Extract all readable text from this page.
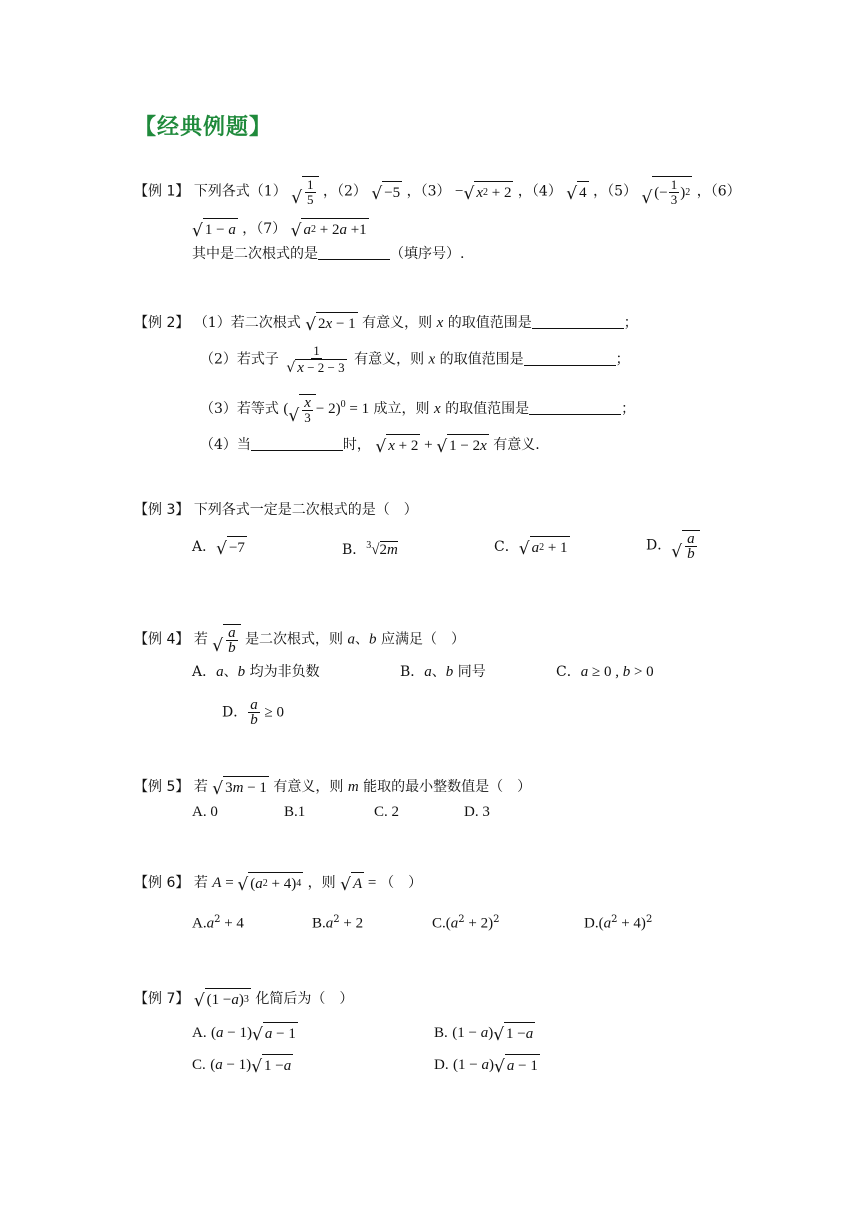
【经典例题】
【例 1】 下列各式（1） √ $\frac{1}{5}$ ，（2） √ −5 ，（3） − √ x 2 + 2 ，（4） √ 4 ，（5） √ (− $\frac{1}{3}$ ) 2 ，（6）
√ 1 − a ，（7） √ a 2 + 2 a +1
其中是二次根式的是	（填序号）.
【例 2】 （1）若二次根式 √ 2 x − 1 有意义，则 x 的取值范围是	；
（2）若式子 $\frac{1}{√ x - 2 - 3}$ 有意义，则 x 的取值范围是	；
（3）若等式 ( √ $\frac{x}{3} - 2)^0 = 1$ 成立，则 x 的取值范围是	；
（4）当	时， √ x + 2 + √ 1 − 2 x 有意义.
【例 3】 下列各式一定是二次根式的是（　）
A． √ −7	B．$^3$√2m	C． √ a 2 + 1	D． √ $\frac{a}{b}$
【例 4】 若 √ $\frac{a}{b}$ 是二次根式，则 a、b 应满足（　）
A．a、b 均为非负数	B．a、b 同号	C．a ≥ 0 , b > 0
D． $\frac{a}{b} \ge 0$
【例 5】 若 √ 3 m − 1 有意义，则 m 能取的最小整数值是（　）
A. 0	B.1	C. 2	D. 3
【例 6】 若 A = √ ( a 2 + 4) 4 ，则 √ A = （　）
$A.a^2 + 4$	$B.a^2 + 2$	$C.(a^2 + 2)^2$	$D.(a^2 + 4)^2$
【例 7】 √ (1 − a ) 3 化简后为（　）
A. (a − 1) √ a − 1	B. (1 − a) √ 1 − a
C. (a − 1) √ 1 − a	D. (1 − a) √ a − 1
